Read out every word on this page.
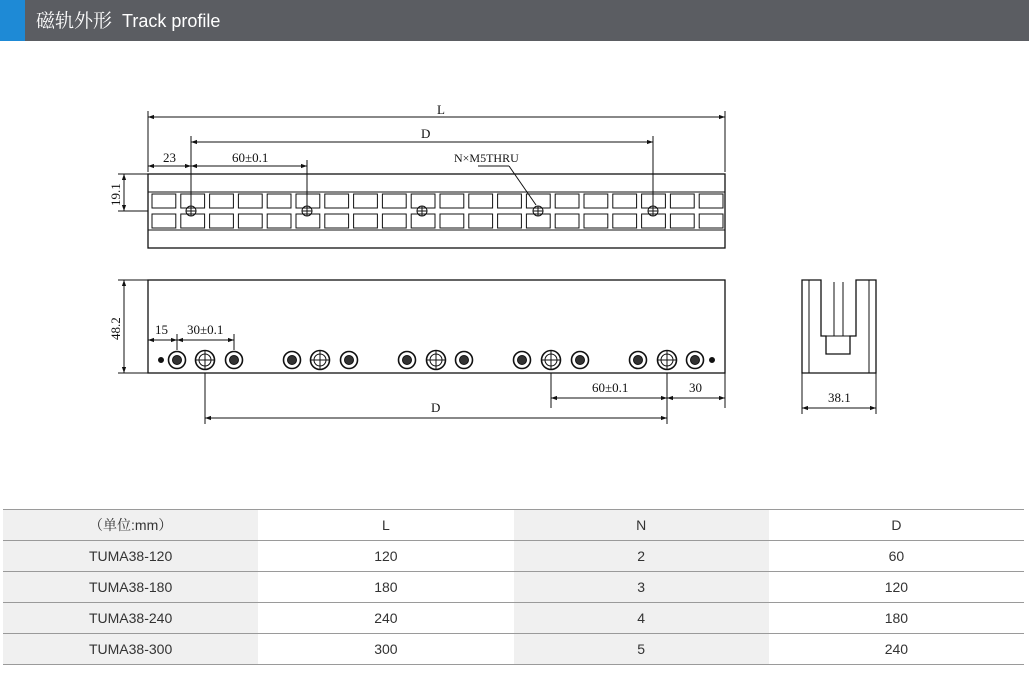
磁轨外形 Track profile
L
D
23	60±0.1	N×M5THRU
19.1
48.2 15 30±0.1
60±0.1	30
D
38.1
（单位:mm）	L	N	D
TUMA38-120	120	2	60
TUMA38-180	180	3	120
TUMA38-240	240	4	180
TUMA38-300	300	5	240
